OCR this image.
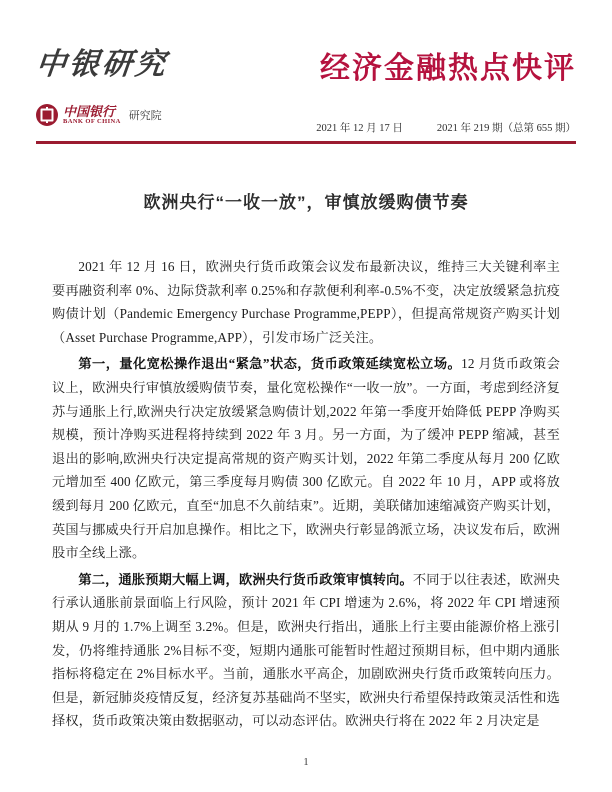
中银研究
中国银行
BANK OF CHINA 研究院
经济金融热点快评
2021 年 12 月 17 日	2021 年 219 期（总第 655 期）
欧洲央行“一收一放”，审慎放缓购债节奏

2021 年 12 月 16 日，欧洲央行货币政策会议发布最新决议，维持三大关键利率主要再融资利率 0%、边际贷款利率 0.25%和存款便利利率-0.5%不变，决定放缓紧急抗疫购债计划（Pandemic Emergency Purchase Programme,PEPP），但提高常规资产购买计划（Asset Purchase Programme,APP），引发市场广泛关注。

第一，量化宽松操作退出“紧急”状态，货币政策延续宽松立场。12 月货币政策会议上，欧洲央行审慎放缓购债节奏，量化宽松操作“一收一放”。一方面，考虑到经济复苏与通胀上行,欧洲央行决定放缓紧急购债计划,2022 年第一季度开始降低 PEPP 净购买规模，预计净购买进程将持续到 2022 年 3 月。另一方面，为了缓冲 PEPP 缩减，甚至退出的影响,欧洲央行决定提高常规的资产购买计划，2022 年第二季度从每月 200 亿欧元增加至 400 亿欧元，第三季度每月购债 300 亿欧元。自 2022 年 10 月，APP 或将放缓到每月 200 亿欧元，直至“加息不久前结束”。近期，美联储加速缩减资产购买计划，英国与挪威央行开启加息操作。相比之下，欧洲央行彰显鸽派立场，决议发布后，欧洲股市全线上涨。

第二，通胀预期大幅上调，欧洲央行货币政策审慎转向。不同于以往表述，欧洲央行承认通胀前景面临上行风险，预计 2021 年 CPI 增速为 2.6%，将 2022 年 CPI 增速预期从 9 月的 1.7%上调至 3.2%。但是，欧洲央行指出，通胀上行主要由能源价格上涨引发，仍将维持通胀 2%目标不变，短期内通胀可能暂时性超过预期目标，但中期内通胀指标将稳定在 2%目标水平。当前，通胀水平高企，加剧欧洲央行货币政策转向压力。但是，新冠肺炎疫情反复，经济复苏基础尚不坚实，欧洲央行希望保持政策灵活性和选择权，货币政策决策由数据驱动，可以动态评估。欧洲央行将在 2022 年 2 月决定是

1
